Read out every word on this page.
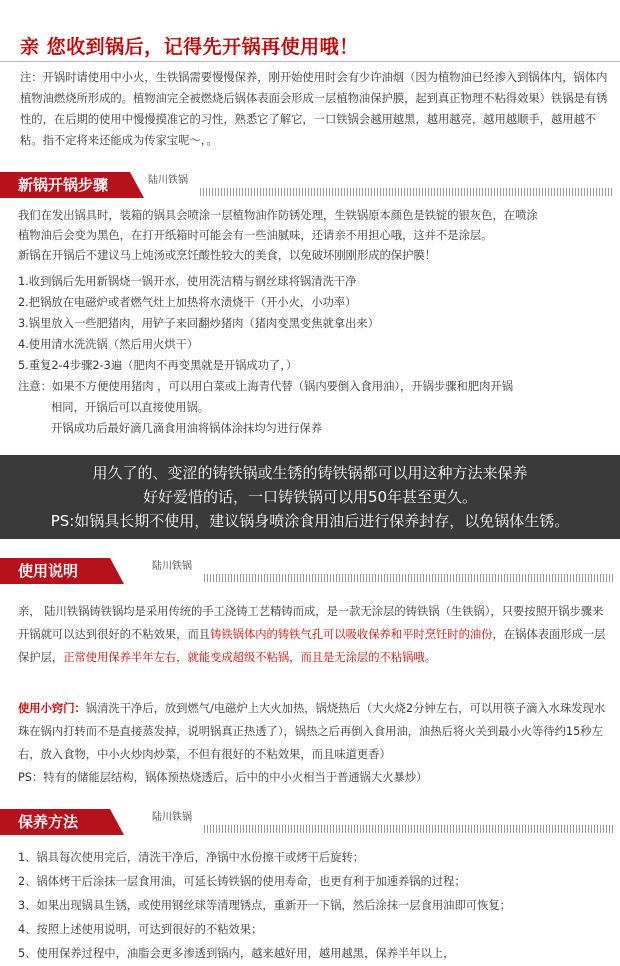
亲 您收到锅后，记得先开锅再使用哦！
注：开锅时请使用中小火，生铁锅需要慢慢保养，刚开始使用时会有少许油烟（因为植物油已经渗入到锅体内，锅体内植物油燃烧所形成的。植物油完全被燃烧后锅体表面会形成一层植物油保护膜，起到真正物理不粘得效果）铁锅是有锈性的，在后期的使用中慢慢摸准它的习性，熟悉它了解它，一口铁锅会越用越黑，越用越亮，越用越顺手，越用越不粘。指不定将来还能成为传家宝呢～，。
新锅开锅步骤	陆川铁锅

我们在发出锅具时，装箱的锅具会喷涂一层植物油作防锈处理，生铁锅原本颜色是铁锭的银灰色，在喷涂

植物油后会变为黑色，在打开纸箱时可能会有一些油腻味，还请亲不用担心哦，这并不是涂层。

新锅在开锅后不建议马上炖汤或烹饪酸性较大的美食，以免破坏刚刚形成的保护膜！

1.收到锅后先用新锅烧一锅开水，使用洗洁精与钢丝球将锅清洗干净

2.把锅放在电磁炉或者燃气灶上加热将水渍烧干（开小火，小功率）

3.锅里放入一些肥猪肉，用铲子来回翻炒猪肉（猪肉变黑变焦就拿出来）

4.使用清水洗洗锅（然后用火烘干）

5.重复2-4步骤2-3遍（肥肉不再变黑就是开锅成功了，）

注意：如果不方便使用猪肉 ，可以用白菜或上海青代替（锅内要倒入食用油），开锅步骤和肥肉开锅

相同，开锅后可以直接使用锅。

开锅成功后最好滴几滴食用油将锅体涂抹均匀进行保养

用久了的、变涩的铸铁锅或生锈的铸铁锅都可以用这种方法来保养

好好爱惜的话，一口铸铁锅可以用50年甚至更久。

PS:如锅具长期不使用，建议锅身喷涂食用油后进行保养封存，以免锅体生锈。

使用说明	陆川铁锅
亲， 陆川铁锅铸铁锅均是采用传统的手工浇铸工艺精铸而成，是一款无涂层的铸铁锅（生铁锅），只要按照开锅步骤来开锅就可以达到很好的不粘效果，而且铸铁锅体内的铸铁气孔可以吸收保养和平时烹饪时的油份，在锅体表面形成一层保护层，正常使用保养半年左右，就能变成超级不粘锅，而且是无涂层的不粘锅哦。
使用小窍门：锅清洗干净后，放到燃气/电磁炉上大火加热，锅烧热后（大火烧2分钟左右，可以用筷子滴入水珠发现水珠在锅内打转而不是直接蒸发掉，说明锅真正热透了），锅热之后再倒入食用油，油热后将火关到最小火等待约15秒左右，放入食物，中小火炒肉炒菜，不但有很好的不粘效果，而且味道更香）
PS：特有的储能层结构，锅体预热烧透后，后中的中小火相当于普通锅大火暴炒）
保养方法	陆川铁锅

1、锅具每次使用完后，清洗干净后，净锅中水份擦干或烤干后旋转；

2、锅体烤干后涂抹一层食用油，可延长铸铁锅的使用寿命，也更有利于加速养锅的过程；

3、如果出现锅具生锈，或使用钢丝球等清理锈点，重新开一下锅，然后涂抹一层食用油即可恢复；

4、按照上述使用说明，可达到很好的不粘效果；

5、使用保养过程中，油脂会更多渗透到锅内，越来越好用，越用越黑，保养半年以上，
